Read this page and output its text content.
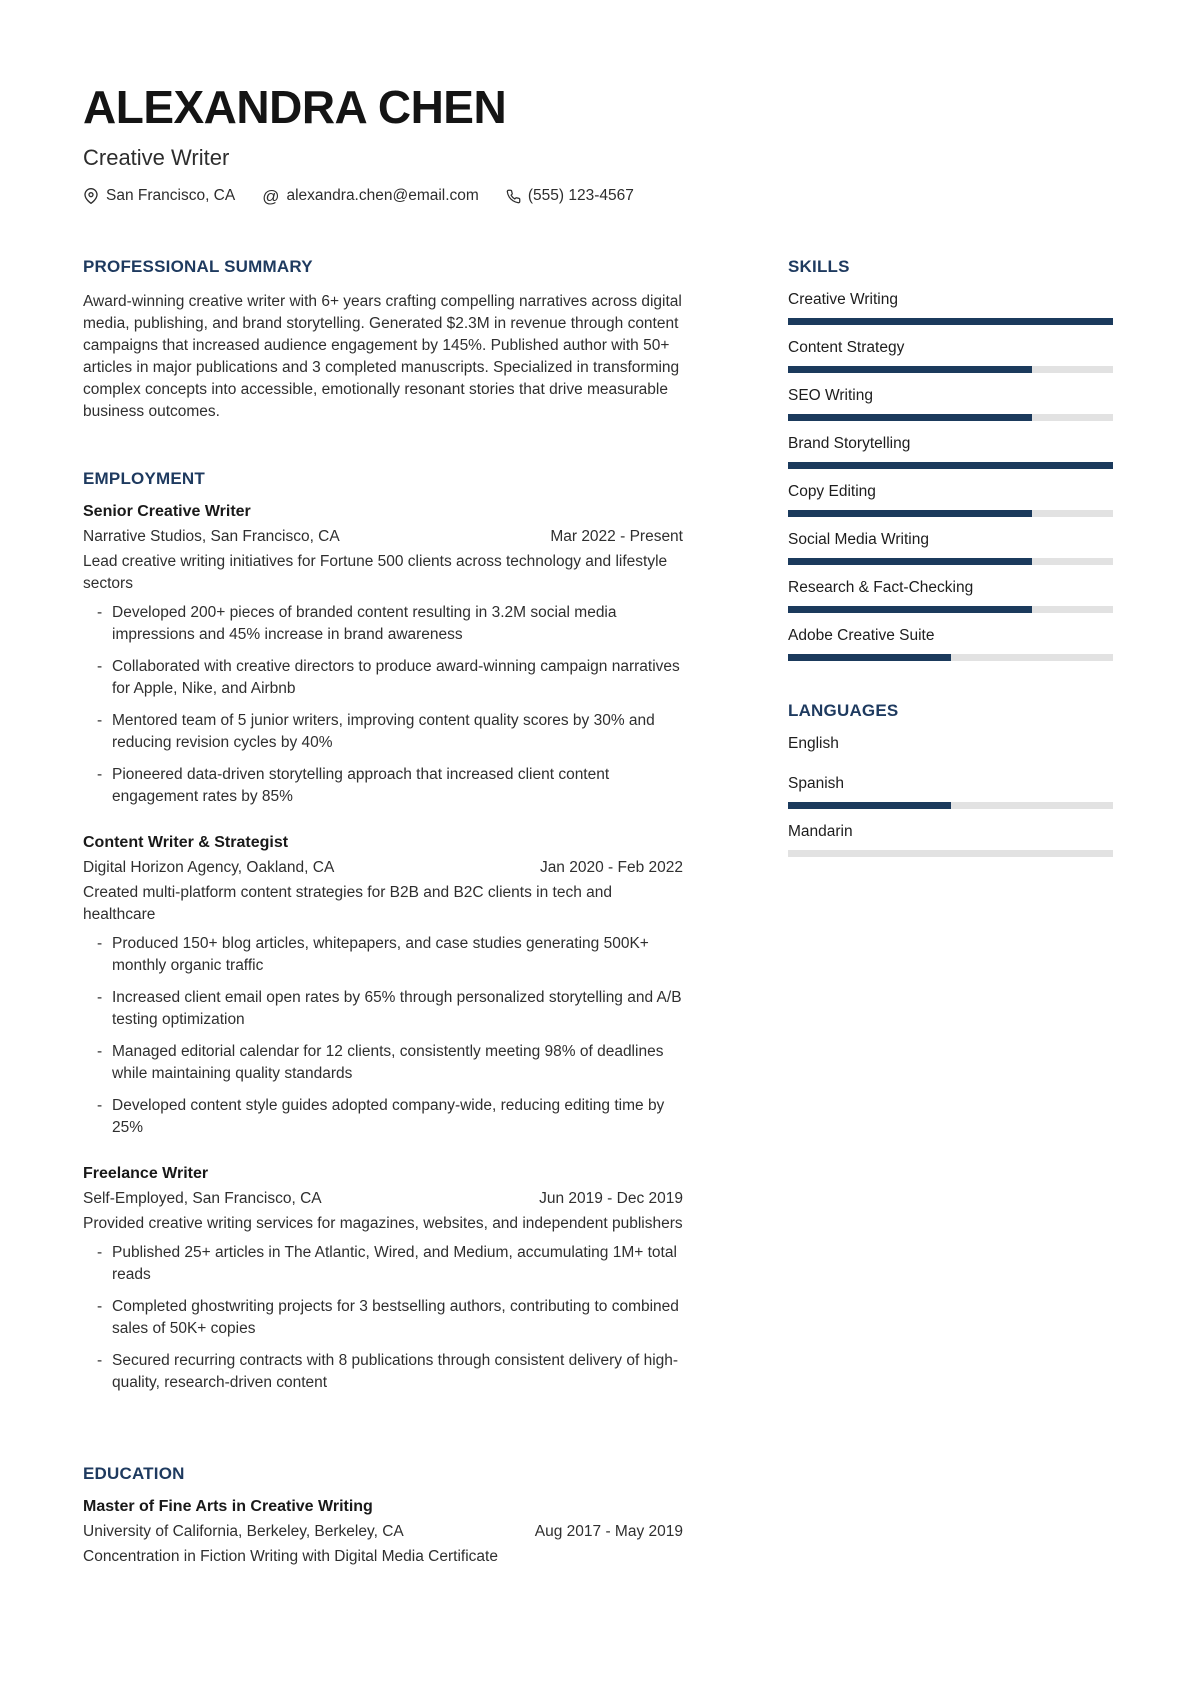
ALEXANDRA CHEN
Creative Writer
San Francisco, CA @ alexandra.chen@email.com	(555) 123-4567
PROFESSIONAL SUMMARY
Award-winning creative writer with 6+ years crafting compelling narratives across digital media, publishing, and brand storytelling. Generated $2.3M in revenue through content campaigns that increased audience engagement by 145%. Published author with 50+ articles in major publications and 3 completed manuscripts. Specialized in transforming complex concepts into accessible, emotionally resonant stories that drive measurable business outcomes.
EMPLOYMENT
Senior Creative Writer
Narrative Studios, San Francisco, CA	Mar 2022 - Present
Lead creative writing initiatives for Fortune 500 clients across technology and lifestyle sectors
- Developed 200+ pieces of branded content resulting in 3.2M social media impressions and 45% increase in brand awareness
- Collaborated with creative directors to produce award-winning campaign narratives for Apple, Nike, and Airbnb
- Mentored team of 5 junior writers, improving content quality scores by 30% and reducing revision cycles by 40%
- Pioneered data-driven storytelling approach that increased client content engagement rates by 85%
Content Writer & Strategist
Digital Horizon Agency, Oakland, CA	Jan 2020 - Feb 2022
Created multi-platform content strategies for B2B and B2C clients in tech and healthcare
- Produced 150+ blog articles, whitepapers, and case studies generating 500K+ monthly organic traffic
- Increased client email open rates by 65% through personalized storytelling and A/B testing optimization
- Managed editorial calendar for 12 clients, consistently meeting 98% of deadlines while maintaining quality standards
- Developed content style guides adopted company-wide, reducing editing time by 25%
Freelance Writer
Self-Employed, San Francisco, CA	Jun 2019 - Dec 2019
Provided creative writing services for magazines, websites, and independent publishers
- Published 25+ articles in The Atlantic, Wired, and Medium, accumulating 1M+ total reads
- Completed ghostwriting projects for 3 bestselling authors, contributing to combined sales of 50K+ copies
- Secured recurring contracts with 8 publications through consistent delivery of high-quality, research-driven content
EDUCATION
Master of Fine Arts in Creative Writing
University of California, Berkeley, Berkeley, CA	Aug 2017 - May 2019
Concentration in Fiction Writing with Digital Media Certificate
SKILLS
Creative Writing
Content Strategy
SEO Writing
Brand Storytelling
Copy Editing
Social Media Writing
Research & Fact-Checking
Adobe Creative Suite
LANGUAGES
English
Spanish
Mandarin
